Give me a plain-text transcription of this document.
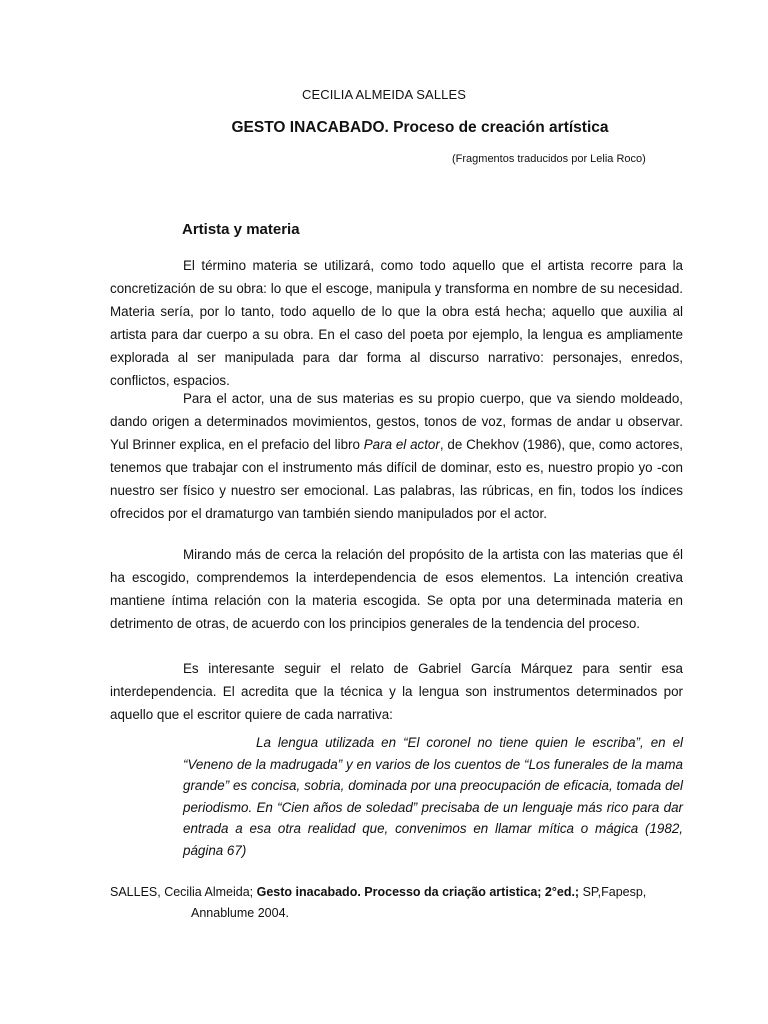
CECILIA ALMEIDA SALLES
GESTO INACABADO. Proceso de creación artística
(Fragmentos traducidos por Lelia Roco)
Artista y materia
El término materia se utilizará, como todo aquello que el artista recorre para la concretización de su obra: lo que el escoge, manipula y transforma en nombre de su necesidad. Materia sería, por lo tanto, todo aquello de lo que la obra está hecha; aquello que auxilia al artista para dar cuerpo a su obra. En el caso del poeta por ejemplo, la lengua es ampliamente explorada al ser manipulada para dar forma al discurso narrativo: personajes, enredos, conflictos, espacios.
Para el actor, una de sus materias es su propio cuerpo, que va siendo moldeado, dando origen a determinados movimientos, gestos, tonos de voz, formas de andar u observar. Yul Brinner explica, en el prefacio del libro Para el actor, de Chekhov (1986), que, como actores, tenemos que trabajar con el instrumento más difícil de dominar, esto es, nuestro propio yo -con nuestro ser físico y nuestro ser emocional. Las palabras, las rúbricas, en fin, todos los índices ofrecidos por el dramaturgo van también siendo manipulados por el actor.
Mirando más de cerca la relación del propósito de la artista con las materias que él ha escogido, comprendemos la interdependencia de esos elementos. La intención creativa mantiene íntima relación con la materia escogida. Se opta por una determinada materia en detrimento de otras, de acuerdo con los principios generales de la tendencia del proceso.
Es interesante seguir el relato de Gabriel García Márquez para sentir esa interdependencia. El acredita que la técnica y la lengua son instrumentos determinados por aquello que el escritor quiere de cada narrativa:
La lengua utilizada en “El coronel no tiene quien le escriba”, en el “Veneno de la madrugada” y en varios de los cuentos de “Los funerales de la mama grande” es concisa, sobria, dominada por una preocupación de eficacia, tomada del periodismo. En “Cien años de soledad” precisaba de un lenguaje más rico para dar entrada a esa otra realidad que, convenimos en llamar mítica o mágica (1982, página 67)
SALLES, Cecilia Almeida; Gesto inacabado. Processo da criação artistica; 2°ed.; SP,Fapesp,
Annablume 2004.
